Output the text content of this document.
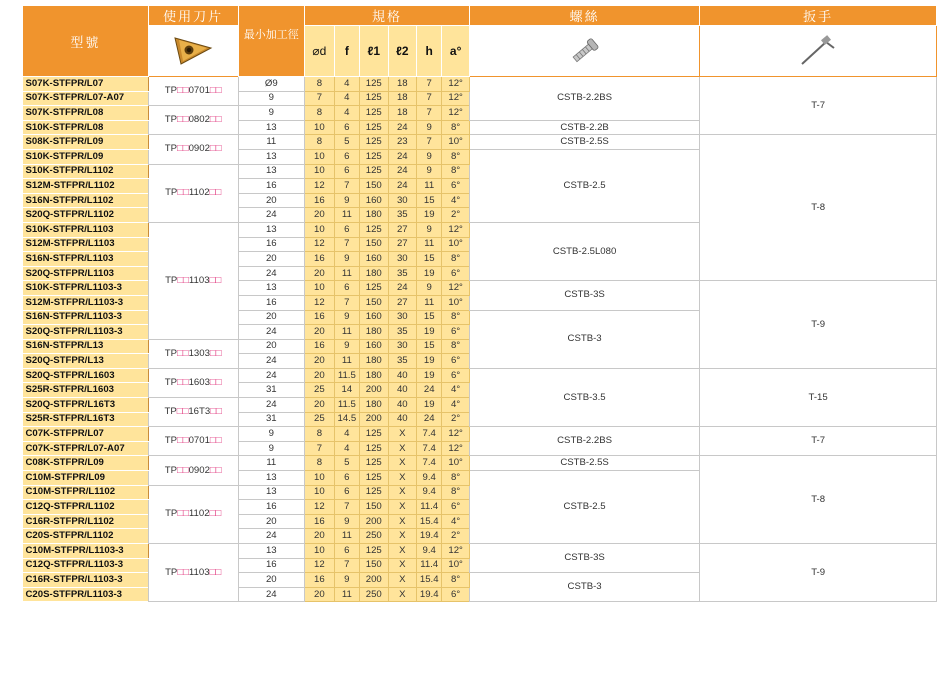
型號	使用刀片	最小加工徑	規格						螺絲	扳手

	⌀d	f	ℓ1	ℓ2	h	a°	

S07K-STFPR/L07	TP□□0701□□	Ø9	8	4	125	18	7	12°	CSTB-2.2BS	T-7
S07K-STFPR/L07-A07		9	7	4	125	18	7	12°		
S07K-STFPR/L08	TP□□0802□□	9	8	4	125	18	7	12°		
S10K-STFPR/L08		13	10	6	125	24	9	8°	CSTB-2.2B	
S08K-STFPR/L09	TP□□0902□□	11	8	5	125	23	7	10°	CSTB-2.5S	T-8
S10K-STFPR/L09		13	10	6	125	24	9	8°	CSTB-2.5	
S10K-STFPR/L1102	TP□□1102□□	13	10	6	125	24	9	8°		
S12M-STFPR/L1102		16	12	7	150	24	11	6°		
S16N-STFPR/L1102		20	16	9	160	30	15	4°		
S20Q-STFPR/L1102		24	20	11	180	35	19	2°		
S10K-STFPR/L1103	TP□□1103□□	13	10	6	125	27	9	12°	CSTB-2.5L080	
S12M-STFPR/L1103		16	12	7	150	27	11	10°		
S16N-STFPR/L1103		20	16	9	160	30	15	8°		
S20Q-STFPR/L1103		24	20	11	180	35	19	6°		
S10K-STFPR/L1103-3		13	10	6	125	24	9	12°	CSTB-3S	T-9
S12M-STFPR/L1103-3		16	12	7	150	27	11	10°		
S16N-STFPR/L1103-3		20	16	9	160	30	15	8°	CSTB-3	
S20Q-STFPR/L1103-3		24	20	11	180	35	19	6°		
S16N-STFPR/L13	TP□□1303□□	20	16	9	160	30	15	8°		
S20Q-STFPR/L13		24	20	11	180	35	19	6°		
S20Q-STFPR/L1603	TP□□1603□□	24	20	11.5	180	40	19	6°	CSTB-3.5	T-15
S25R-STFPR/L1603		31	25	14	200	40	24	4°		
S20Q-STFPR/L16T3	TP□□16T3□□	24	20	11.5	180	40	19	4°		
S25R-STFPR/L16T3		31	25	14.5	200	40	24	2°		
C07K-STFPR/L07	TP□□0701□□	9	8	4	125	X	7.4	12°	CSTB-2.2BS	T-7
C07K-STFPR/L07-A07		9	7	4	125	X	7.4	12°		
C08K-STFPR/L09	TP□□0902□□	11	8	5	125	X	7.4	10°	CSTB-2.5S	T-8
C10M-STFPR/L09		13	10	6	125	X	9.4	8°	CSTB-2.5	
C10M-STFPR/L1102	TP□□1102□□	13	10	6	125	X	9.4	8°		
C12Q-STFPR/L1102		16	12	7	150	X	11.4	6°		
C16R-STFPR/L1102		20	16	9	200	X	15.4	4°		
C20S-STFPR/L1102		24	20	11	250	X	19.4	2°		
C10M-STFPR/L1103-3	TP□□1103□□	13	10	6	125	X	9.4	12°	CSTB-3S	T-9
C12Q-STFPR/L1103-3		16	12	7	150	X	11.4	10°		
C16R-STFPR/L1103-3		20	16	9	200	X	15.4	8°	CSTB-3	
C20S-STFPR/L1103-3		24	20	11	250	X	19.4	6°		
